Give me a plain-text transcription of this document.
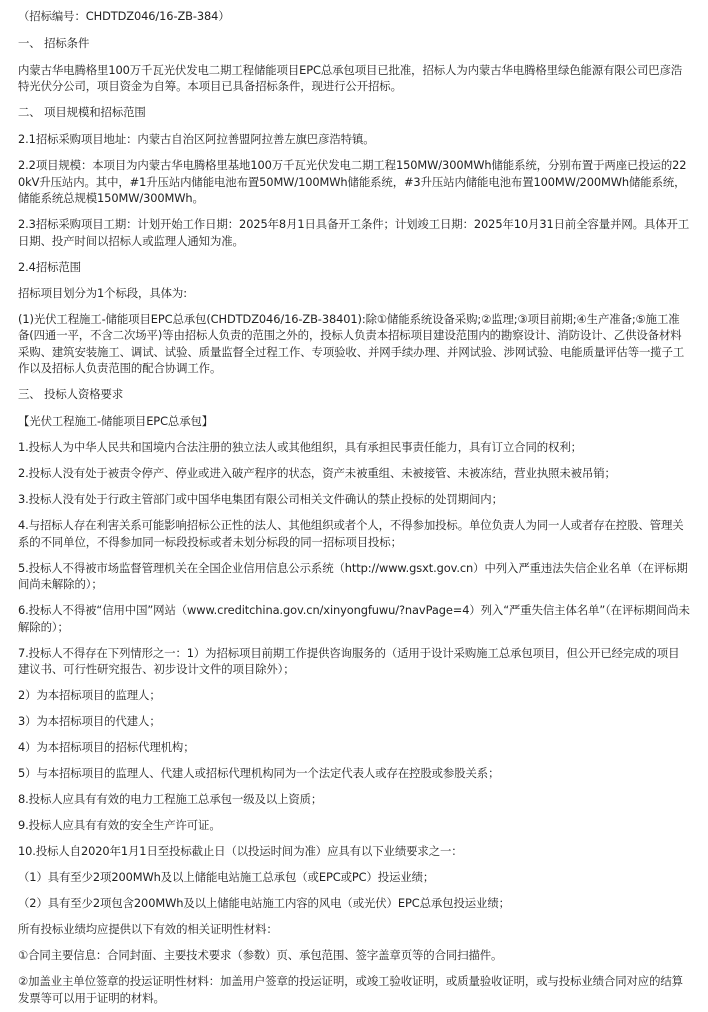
（招标编号：CHDTDZ046/16-ZB-384）

一、 招标条件

内蒙古华电腾格里100万千瓦光伏发电二期工程储能项目EPC总承包项目已批准，招标人为内蒙古华电腾格里绿色能源有限公司巴彦浩特光伏分公司，项目资金为自筹。本项目已具备招标条件，现进行公开招标。

二、 项目规模和招标范围

2.1招标采购项目地址：内蒙古自治区阿拉善盟阿拉善左旗巴彦浩特镇。

2.2项目规模：本项目为内蒙古华电腾格里基地100万千瓦光伏发电二期工程150MW/300MWh储能系统，分别布置于两座已投运的220kV升压站内。其中，#1升压站内储能电池布置50MW/100MWh储能系统，#3升压站内储能电池布置100MW/200MWh储能系统，储能系统总规模150MW/300MWh。

2.3招标采购项目工期：计划开始工作日期：2025年8月1日具备开工条件；计划竣工日期：2025年10月31日前全容量并网。具体开工日期、投产时间以招标人或监理人通知为准。

2.4招标范围

招标项目划分为1个标段，具体为:

(1)光伏工程施工-储能项目EPC总承包(CHDTDZ046/16-ZB-38401):除①储能系统设备采购;②监理;③项目前期;④生产准备;⑤施工准备(四通一平，不含二次场平)等由招标人负责的范围之外的，投标人负责本招标项目建设范围内的勘察设计、消防设计、乙供设备材料采购、建筑安装施工、调试、试验、质量监督全过程工作、专项验收、并网手续办理、并网试验、涉网试验、电能质量评估等一揽子工作以及招标人负责范围的配合协调工作。

三、 投标人资格要求

【光伏工程施工-储能项目EPC总承包】

1.投标人为中华人民共和国境内合法注册的独立法人或其他组织，具有承担民事责任能力，具有订立合同的权利；

2.投标人没有处于被责令停产、停业或进入破产程序的状态，资产未被重组、未被接管、未被冻结，营业执照未被吊销；

3.投标人没有处于行政主管部门或中国华电集团有限公司相关文件确认的禁止投标的处罚期间内；

4.与招标人存在利害关系可能影响招标公正性的法人、其他组织或者个人，不得参加投标。单位负责人为同一人或者存在控股、管理关系的不同单位，不得参加同一标段投标或者未划分标段的同一招标项目投标；

5.投标人不得被市场监督管理机关在全国企业信用信息公示系统（http://www.gsxt.gov.cn）中列入严重违法失信企业名单（在评标期间尚未解除的）；

6.投标人不得被“信用中国”网站（www.creditchina.gov.cn/xinyongfuwu/?navPage=4）列入“严重失信主体名单”（在评标期间尚未解除的）；

7.投标人不得存在下列情形之一：1）为招标项目前期工作提供咨询服务的（适用于设计采购施工总承包项目，但公开已经完成的项目建议书、可行性研究报告、初步设计文件的项目除外）；

2）为本招标项目的监理人；

3）为本招标项目的代建人；

4）为本招标项目的招标代理机构；

5）与本招标项目的监理人、代建人或招标代理机构同为一个法定代表人或存在控股或参股关系；

8.投标人应具有有效的电力工程施工总承包一级及以上资质；

9.投标人应具有有效的安全生产许可证。

10.投标人自2020年1月1日至投标截止日（以投运时间为准）应具有以下业绩要求之一：

（1）具有至少2项200MWh及以上储能电站施工总承包（或EPC或PC）投运业绩；

（2）具有至少2项包含200MWh及以上储能电站施工内容的风电（或光伏）EPC总承包投运业绩；

所有投标业绩均应提供以下有效的相关证明性材料：

①合同主要信息：合同封面、主要技术要求（参数）页、承包范围、签字盖章页等的合同扫描件。

②加盖业主单位签章的投运证明性材料：加盖用户签章的投运证明，或竣工验收证明，或质量验收证明，或与投标业绩合同对应的结算发票等可以用于证明的材料。
